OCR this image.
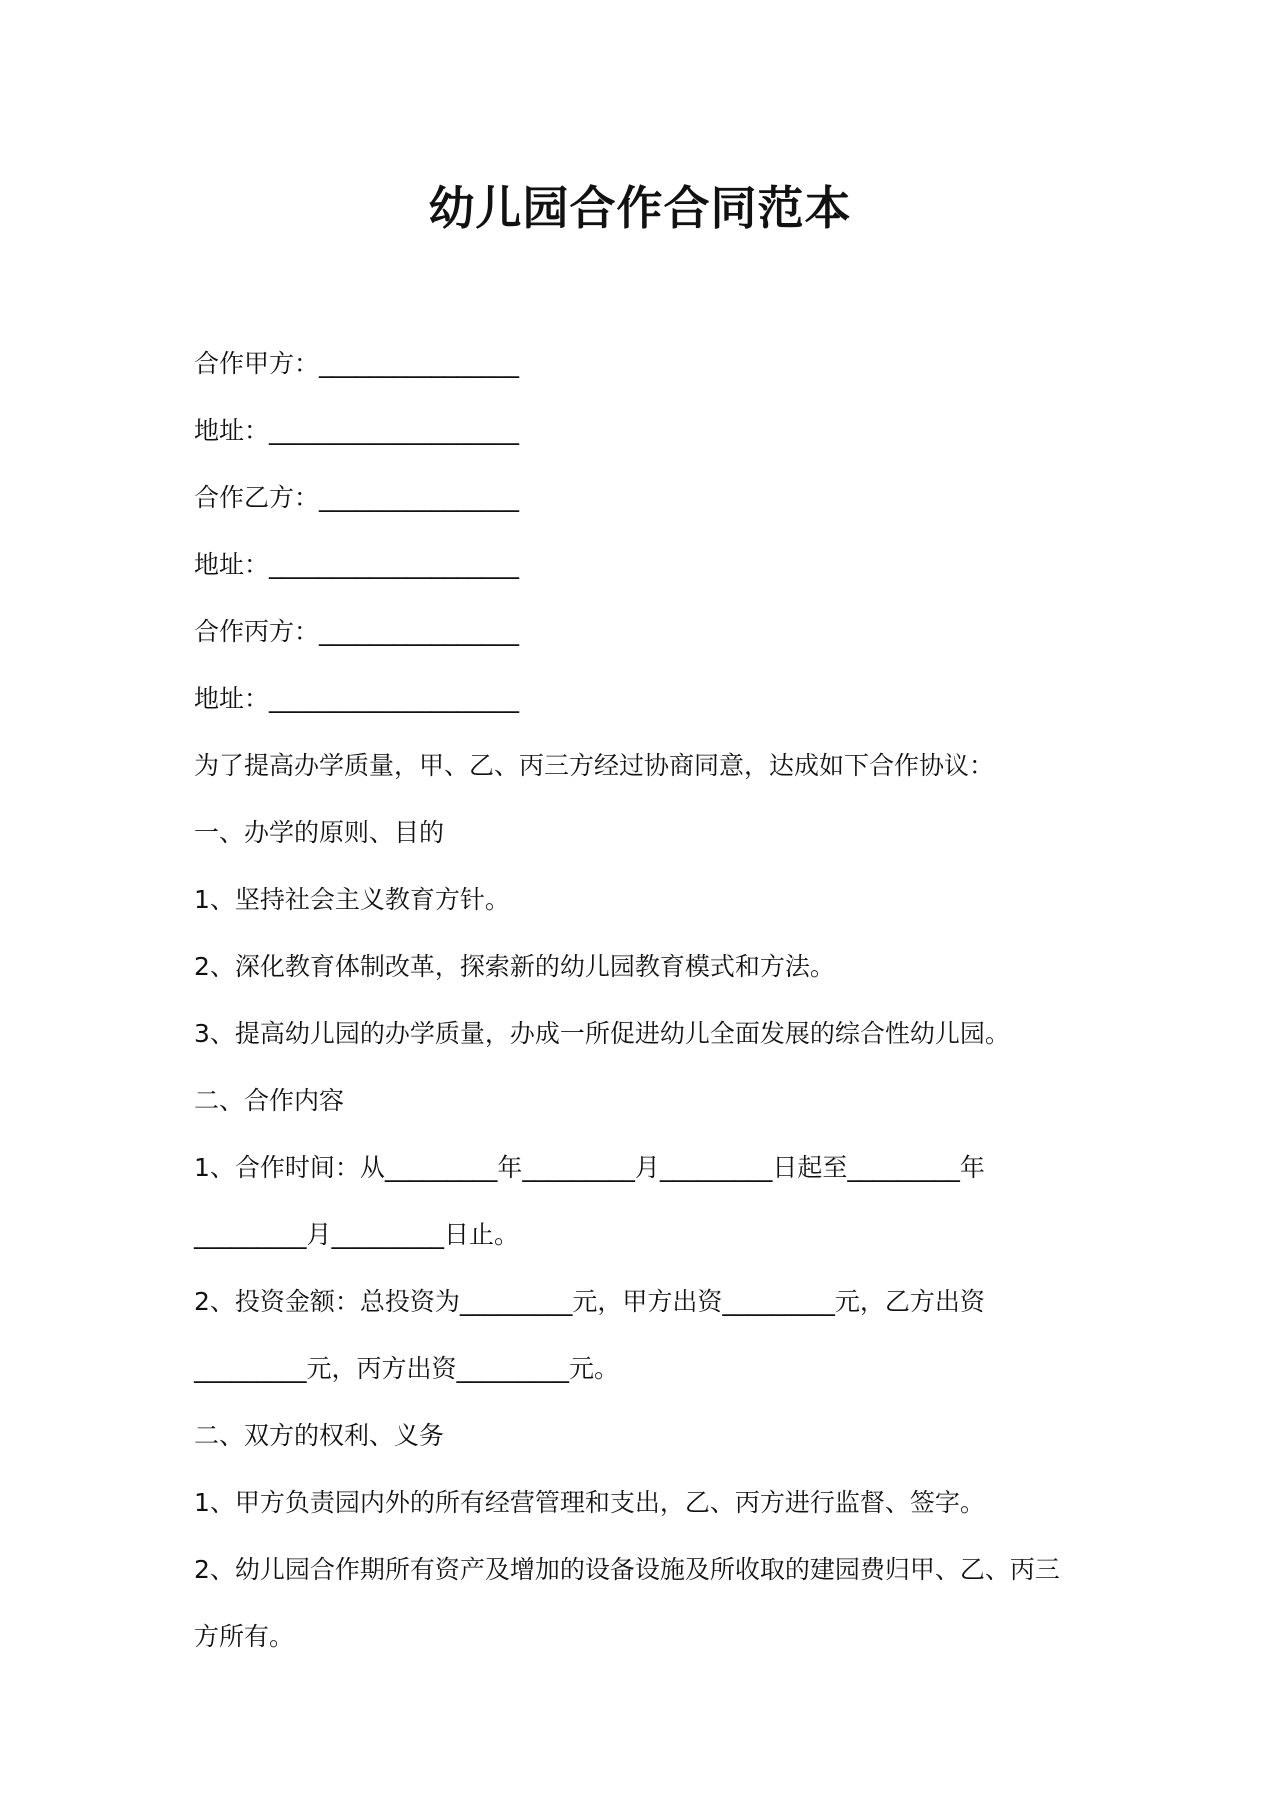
幼儿园合作合同范本
合作甲方：________________
地址：____________________
合作乙方：________________
地址：____________________
合作丙方：________________
地址：____________________
为了提高办学质量，甲、乙、丙三方经过协商同意，达成如下合作协议：
一、办学的原则、目的
1、坚持社会主义教育方针。
2、深化教育体制改革，探索新的幼儿园教育模式和方法。
3、提高幼儿园的办学质量，办成一所促进幼儿全面发展的综合性幼儿园。
二、合作内容
1、合作时间：从_________年_________月_________日起至_________年
_________月_________日止。
2、投资金额：总投资为_________元，甲方出资_________元，乙方出资
_________元，丙方出资_________元。
二、双方的权利、义务
1、甲方负责园内外的所有经营管理和支出，乙、丙方进行监督、签字。
2、幼儿园合作期所有资产及增加的设备设施及所收取的建园费归甲、乙、丙三
方所有。
